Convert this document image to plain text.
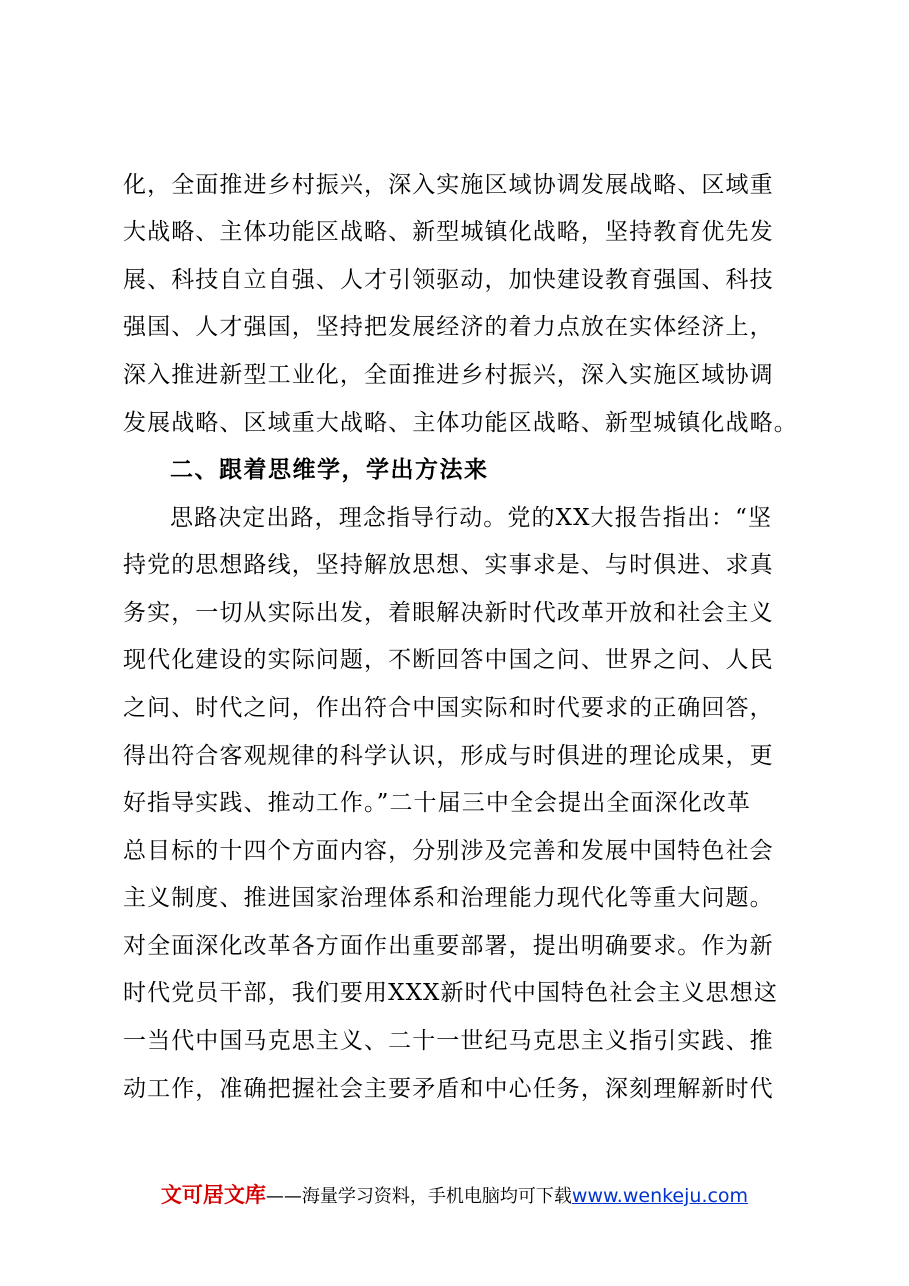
化，全面推进乡村振兴，深入实施区域协调发展战略、区域重
大战略、主体功能区战略、新型城镇化战略，坚持教育优先发
展、科技自立自强、人才引领驱动，加快建设教育强国、科技
强国、人才强国，坚持把发展经济的着力点放在实体经济上，
深入推进新型工业化，全面推进乡村振兴，深入实施区域协调
发展战略、区域重大战略、主体功能区战略、新型城镇化战略。
二、跟着思维学，学出方法来
思路决定出路，理念指导行动。党的XX大报告指出：“坚
持党的思想路线，坚持解放思想、实事求是、与时俱进、求真
务实，一切从实际出发，着眼解决新时代改革开放和社会主义
现代化建设的实际问题，不断回答中国之问、世界之问、人民
之问、时代之问，作出符合中国实际和时代要求的正确回答，
得出符合客观规律的科学认识，形成与时俱进的理论成果，更
好指导实践、推动工作。”二十届三中全会提出全面深化改革
总目标的十四个方面内容，分别涉及完善和发展中国特色社会
主义制度、推进国家治理体系和治理能力现代化等重大问题。
对全面深化改革各方面作出重要部署，提出明确要求。作为新
时代党员干部，我们要用XXX新时代中国特色社会主义思想这
一当代中国马克思主义、二十一世纪马克思主义指引实践、推
动工作，准确把握社会主要矛盾和中心任务，深刻理解新时代
文可居文库——海量学习资料，手机电脑均可下载www.wenkeju.com
